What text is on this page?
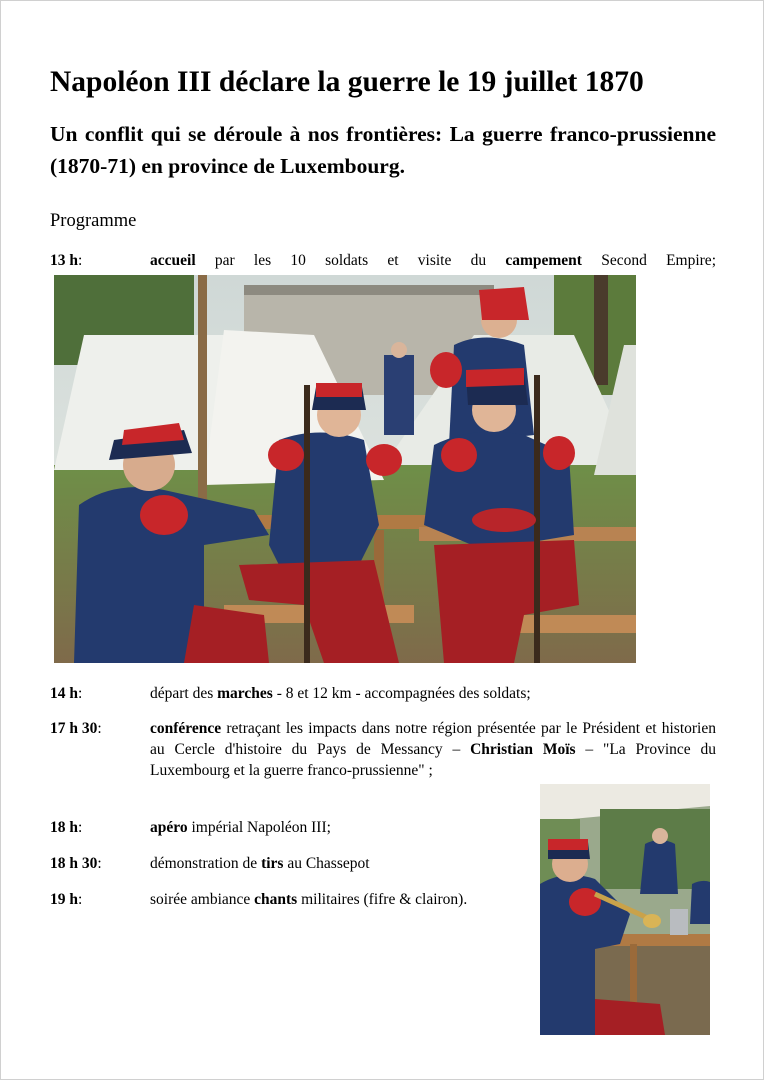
Napoléon III déclare la guerre le 19 juillet 1870

Un conflit qui se déroule à nos frontières: La guerre franco-prussienne (1870-71) en province de Luxembourg.

Programme

13 h:	accueil par les 10 soldats et visite du campement Second Empire;
14 h:	départ des marches - 8 et 12 km - accompagnées des soldats;
17 h 30:	conférence retraçant les impacts dans notre région présentée par le Président et historien au Cercle d'histoire du Pays de Messancy – Christian Moïs – "La Province du Luxembourg et la guerre franco-prussienne" ;
18 h:	apéro impérial Napoléon III;
18 h 30:	démonstration de tirs au Chassepot
19 h:	soirée ambiance chants militaires (fifre & clairon).
